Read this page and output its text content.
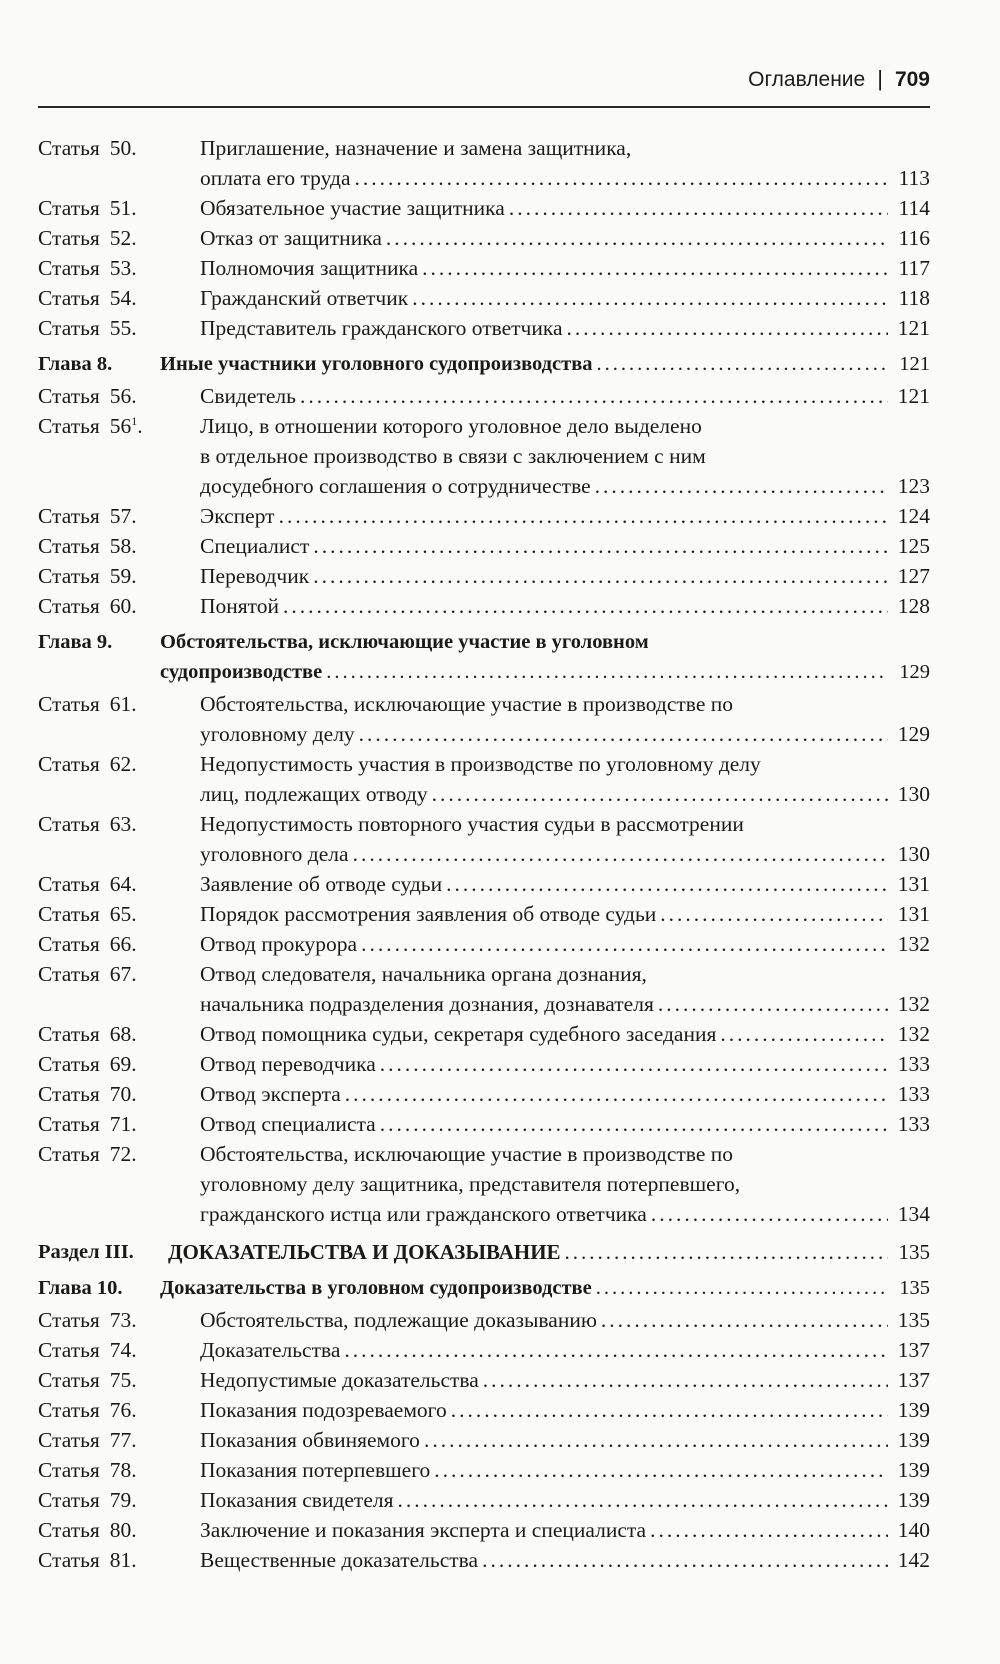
Оглавление | 709
Статья 50.	Приглашение, назначение и замена защитника,
оплата его труда .....	113
Статья 51.	Обязательное участие защитника .....	114
Статья 52.	Отказ от защитника .....	116
Статья 53.	Полномочия защитника .....	117
Статья 54.	Гражданский ответчик .....	118
Статья 55.	Представитель гражданского ответчика .....	121
Глава 8. Иные участники уголовного судопроизводства .....	121
Статья 56.	Свидетель .....	121
Статья $56^1$.	Лицо, в отношении которого уголовное дело выделено
в отдельное производство в связи с заключением с ним
досудебного соглашения о сотрудничестве .....	123
Статья 57.	Эксперт .....	124
Статья 58.	Специалист .....	125
Статья 59.	Переводчик .....	127
Статья 60.	Понятой .....	128
Глава 9. Обстоятельства, исключающие участие в уголовном
судопроизводстве .....	129
Статья 61.	Обстоятельства, исключающие участие в производстве по
уголовному делу .....	129
Статья 62.	Недопустимость участия в производстве по уголовному делу
лиц, подлежащих отводу .....	130
Статья 63.	Недопустимость повторного участия судьи в рассмотрении
уголовного дела .....	130
Статья 64.	Заявление об отводе судьи .....	131
Статья 65.	Порядок рассмотрения заявления об отводе судьи .....	131
Статья 66.	Отвод прокурора .....	132
Статья 67.	Отвод следователя, начальника органа дознания,
начальника подразделения дознания, дознавателя .....	132
Статья 68.	Отвод помощника судьи, секретаря судебного заседания .....	132
Статья 69.	Отвод переводчика .....	133
Статья 70.	Отвод эксперта .....	133
Статья 71.	Отвод специалиста .....	133
Статья 72.	Обстоятельства, исключающие участие в производстве по
уголовному делу защитника, представителя потерпевшего,
гражданского истца или гражданского ответчика .....	134
Раздел III. ДОКАЗАТЕЛЬСТВА И ДОКАЗЫВАНИЕ .....	135
Глава 10. Доказательства в уголовном судопроизводстве .....	135
Статья 73.	Обстоятельства, подлежащие доказыванию .....	135
Статья 74.	Доказательства .....	137
Статья 75.	Недопустимые доказательства .....	137
Статья 76.	Показания подозреваемого .....	139
Статья 77.	Показания обвиняемого .....	139
Статья 78.	Показания потерпевшего .....	139
Статья 79.	Показания свидетеля .....	139
Статья 80.	Заключение и показания эксперта и специалиста .....	140
Статья 81.	Вещественные доказательства .....	142
